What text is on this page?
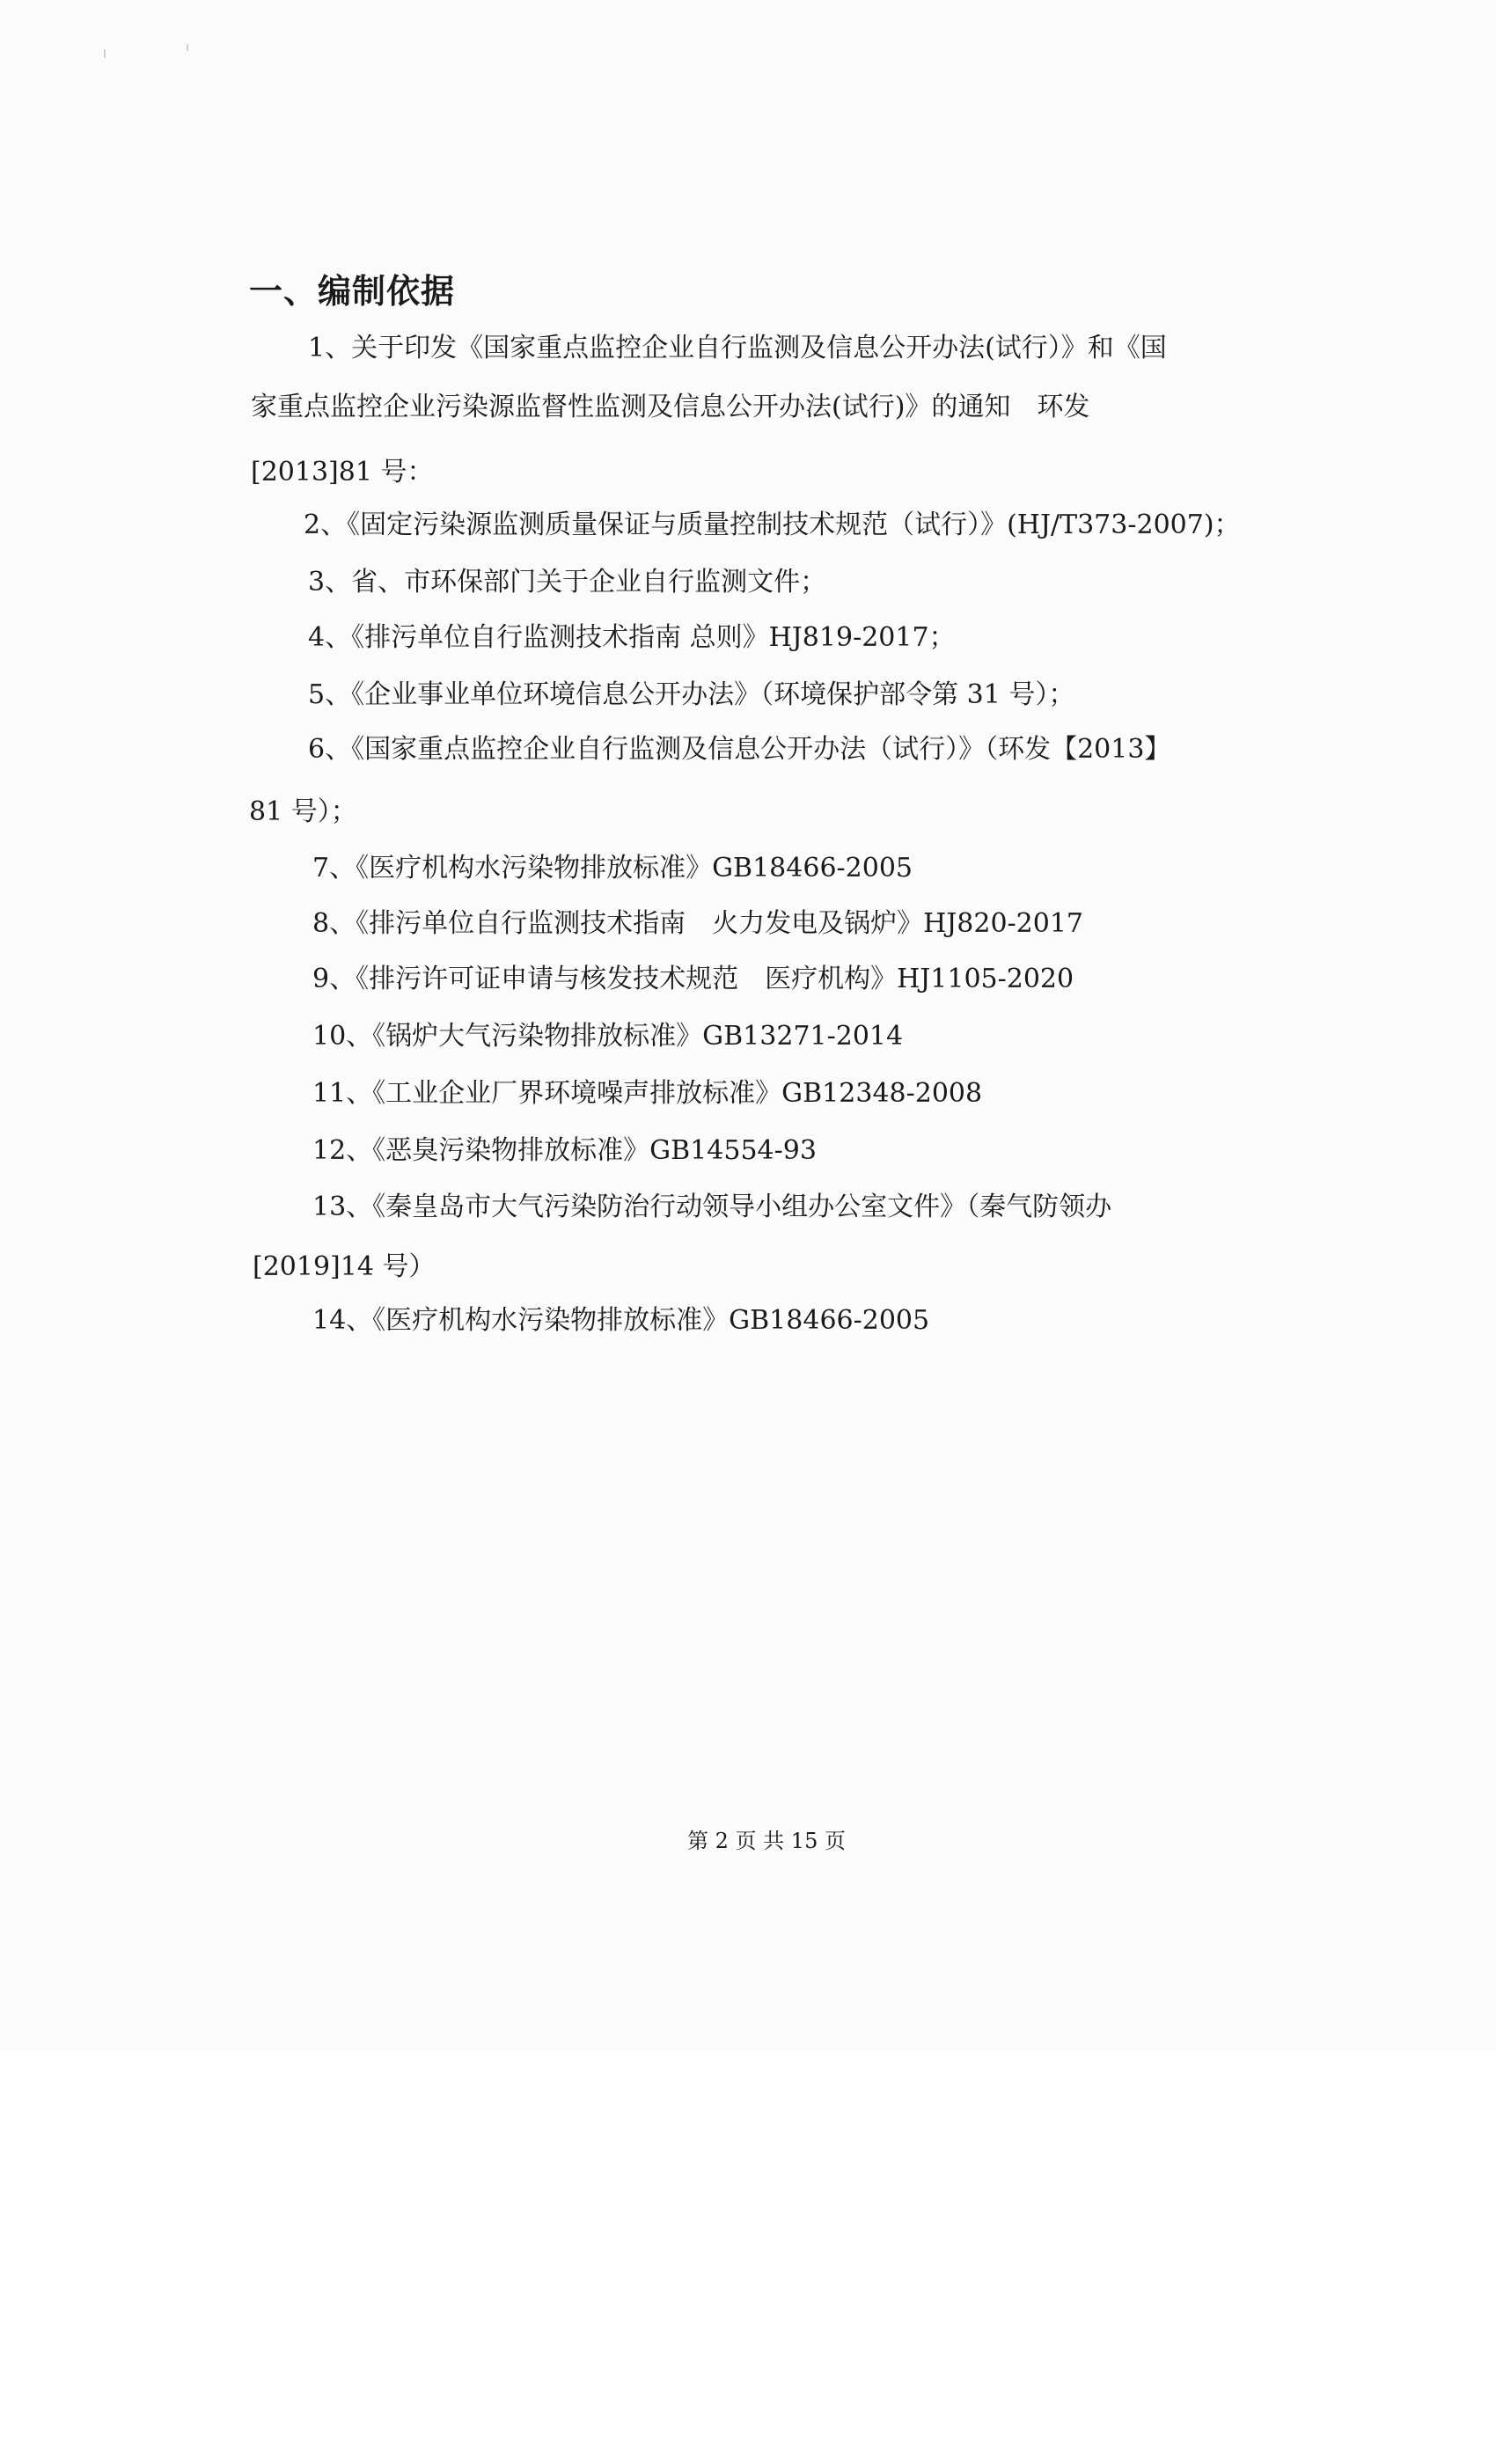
一、编制依据

1、关于印发《国家重点监控企业自行监测及信息公开办法(试行）》和《国

家重点监控企业污染源监督性监测及信息公开办法(试行)》的通知　环发

[2013]81 号：

2、《固定污染源监测质量保证与质量控制技术规范（试行）》(HJ/T373-2007)；

3、省、市环保部门关于企业自行监测文件；

4、《排污单位自行监测技术指南 总则》HJ819-2017；

5、《企业事业单位环境信息公开办法》（环境保护部令第 31 号）；

6、《国家重点监控企业自行监测及信息公开办法（试行）》（环发【2013】

81 号）；

7、《医疗机构水污染物排放标准》GB18466-2005

8、《排污单位自行监测技术指南　火力发电及锅炉》HJ820-2017

9、《排污许可证申请与核发技术规范　医疗机构》HJ1105-2020

10、《锅炉大气污染物排放标准》GB13271-2014

11、《工业企业厂界环境噪声排放标准》GB12348-2008

12、《恶臭污染物排放标准》GB14554-93

13、《秦皇岛市大气污染防治行动领导小组办公室文件》（秦气防领办

[2019]14 号）

14、《医疗机构水污染物排放标准》GB18466-2005

第 2 页 共 15 页
